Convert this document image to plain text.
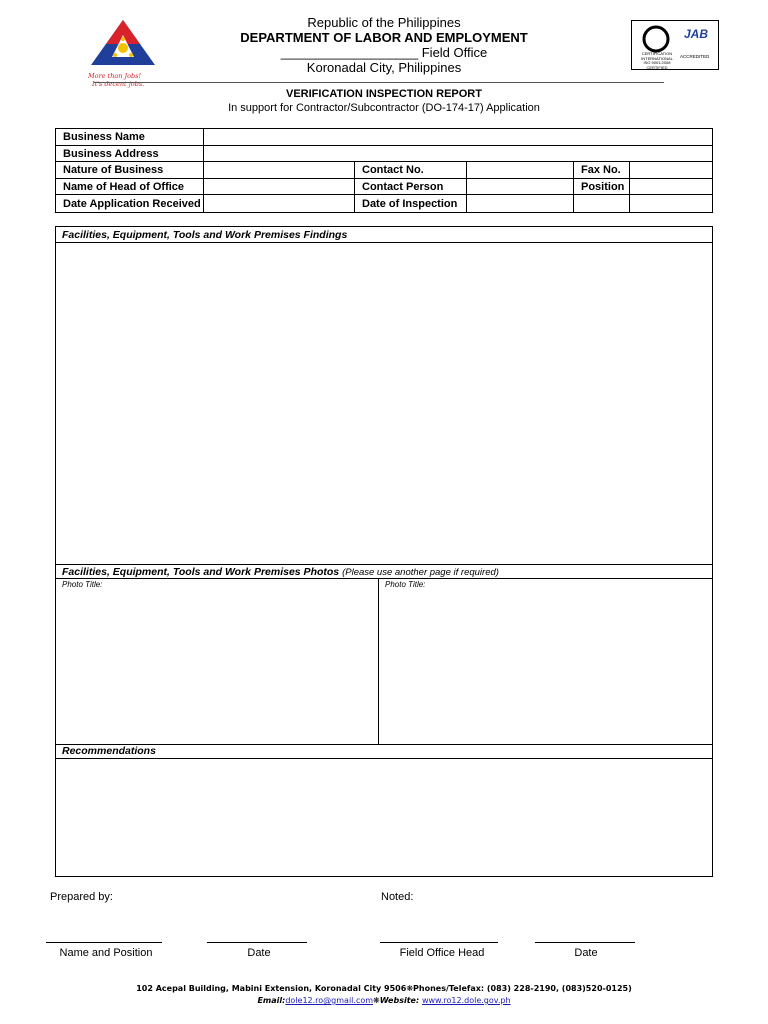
More than Jobs!
It's decent jobs.
Republic of the Philippines
DEPARTMENT OF LABOR AND EMPLOYMENT
___________________ Field Office
Koronadal City, Philippines
JAB
CERTIFICATION
INTERNATIONAL
ISO 9001:2008
CERTIFIED
ACCREDITED
VERIFICATION INSPECTION REPORT
In support for Contractor/Subcontractor (DO-174-17) Application
Business Name					
Business Address					
Nature of Business		Contact No.		Fax No.	
Name of Head of Office		Contact Person		Position	
Date Application Received		Date of Inspection			
Facilities, Equipment, Tools and Work Premises Findings
Facilities, Equipment, Tools and Work Premises Photos (Please use another page if required)
Photo Title:	Photo Title:
Recommendations
Prepared by:	Noted:
Name and Position	Date	Field Office Head	Date
102 Acepal Building, Mabini Extension, Koronadal City 9506❋Phones/Telefax: (083) 228-2190, (083)520-0125)
Email:dole12.ro@gmail.com❋Website: www.ro12.dole.gov.ph
